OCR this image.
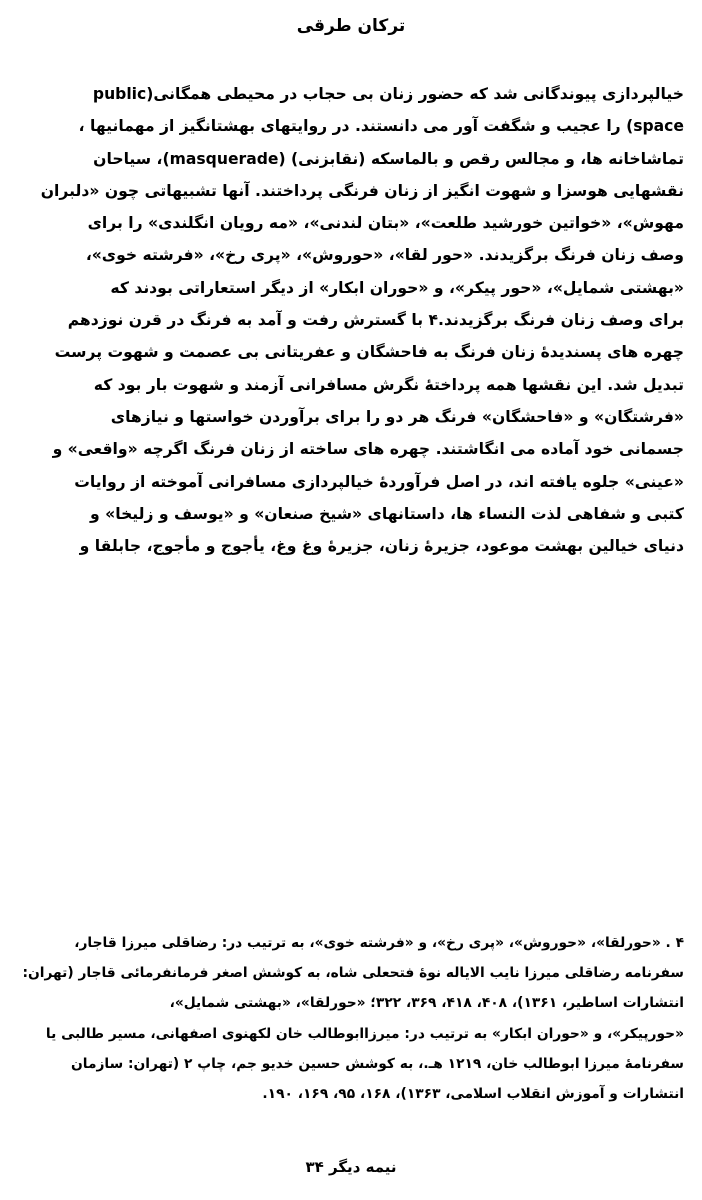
ترکان طرقی
خیالپردازی پیوندگانی شد که حضور زنان بی حجاب در محیطی همگانی(public
space) را عجیب و شگفت آور می دانستند. در روایتهای بهشتانگیز از مهمانیها ،
تماشاخانه ها، و مجالس رقص و بالماسکه (نقابزنی) (masquerade)، سیاحان
نقشهایی هوسزا و شهوت انگیز از زنان فرنگی پرداختند. آنها تشبیهاتی چون «دلبران
مهوش»، «خواتین خورشید طلعت»، «بتان لندنی»، «مه رویان انگلندی» را برای
وصف زنان فرنگ برگزیدند. «حور لقا»، «حوروش»، «پری رخ»، «فرشته خوی»،
«بهشتی شمایل»، «حور پیکر»، و «حوران ابکار» از دیگر استعاراتی بودند که
برای وصف زنان فرنگ برگزیدند.۴ با گسترش رفت و آمد به فرنگ در قرن نوزدهم
چهره های پسندیدهٔ زنان فرنگ به فاحشگان و عفریتانی بی عصمت و شهوت پرست
تبدیل شد. این نقشها همه پرداختهٔ نگرش مسافرانی آزمند و شهوت بار بود که
«فرشتگان» و «فاحشگان» فرنگ هر دو را برای برآوردن خواستها و نیازهای
جسمانی خود آماده می انگاشتند. چهره های ساخته از زنان فرنگ اگرچه «واقعی» و
«عینی» جلوه یافته اند، در اصل فرآوردهٔ خیالپردازی مسافرانی آموخته از روایات
کتبی و شفاهی لذت النساء ها، داستانهای «شیخ صنعان» و «یوسف و زلیخا» و
دنیای خیالین بهشت موعود، جزیرهٔ زنان، جزیرهٔ وغ وغ، یأجوج و مأجوج، جابلقا و
۴ . «حورلقا»، «حوروش»، «پری رخ»، و «فرشته خوی»، به ترتیب در: رضاقلی میرزا قاجار،
سفرنامه رضاقلی میرزا نایب الایاله نوهٔ فتحعلی شاه، به کوشش اصغر فرمانفرمائی قاجار (تهران:
انتشارات اساطیر، ۱۳۶۱)، ۴۰۸، ۴۱۸، ۳۶۹، ۳۲۲؛ «حورلقا»، «بهشتی شمایل»،
«حورپیکر»، و «حوران ابکار» به ترتیب در: میرزاابوطالب خان لکهنوی اصفهانی، مسیر طالبی یا
سفرنامهٔ میرزا ابوطالب خان، ۱۲۱۹ هـ.، به کوشش حسین خدیو جم، چاپ ۲ (تهران: سازمان
انتشارات و آموزش انقلاب اسلامی، ۱۳۶۳)، ۱۶۸، ۹۵، ۱۶۹، ۱۹۰.
نیمه دیگر ۳۴
